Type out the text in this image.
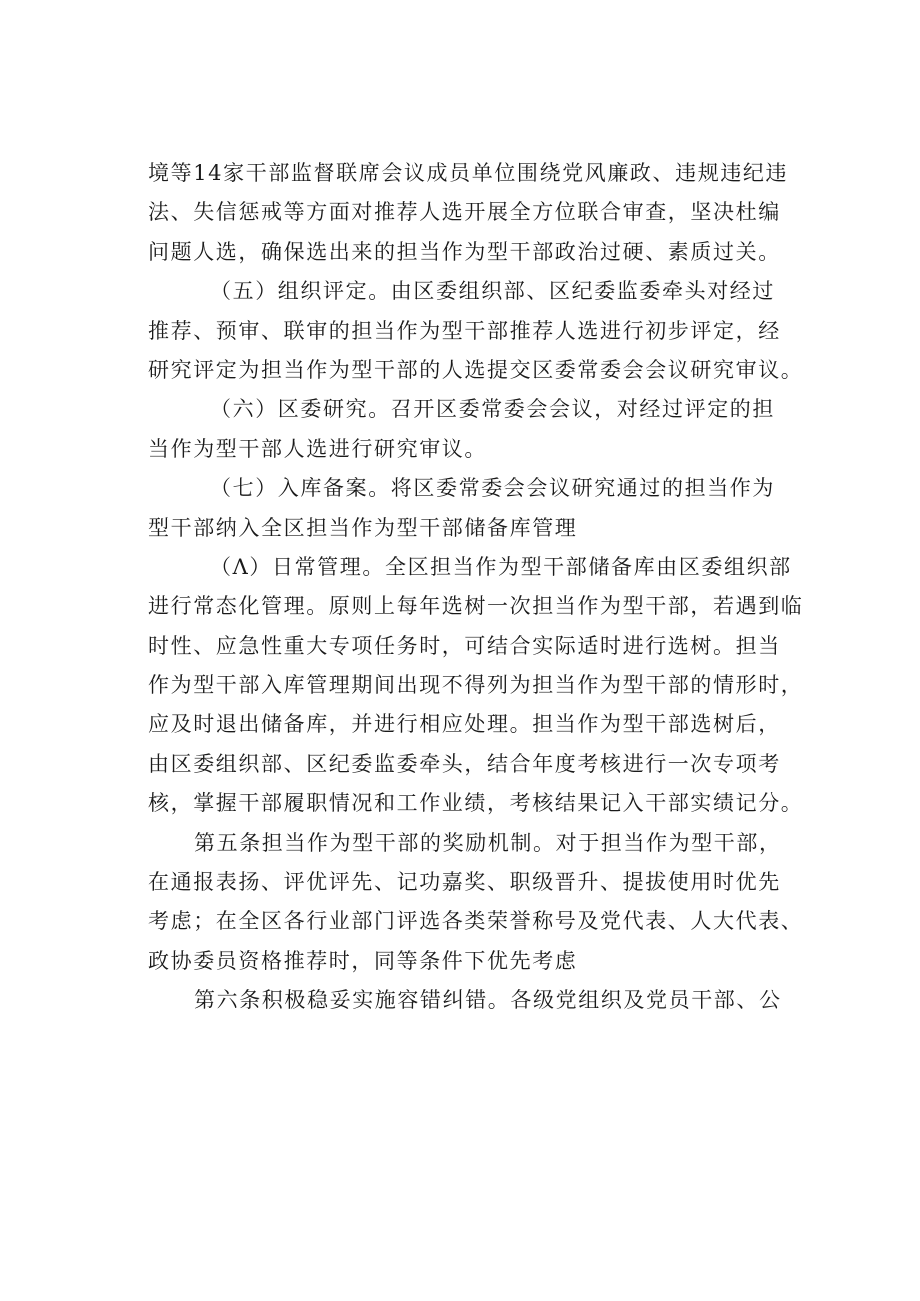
境等14家干部监督联席会议成员单位围绕党风廉政、违规违纪违
法、失信惩戒等方面对推荐人选开展全方位联合审查，坚决杜编
问题人选，确保选出来的担当作为型干部政治过硬、素质过关。
（五）组织评定。由区委组织部、区纪委监委牵头对经过
推荐、预审、联审的担当作为型干部推荐人选进行初步评定，经
研究评定为担当作为型干部的人选提交区委常委会会议研究审议。
（六）区委研究。召开区委常委会会议，对经过评定的担
当作为型干部人选进行研究审议。
（七）入库备案。将区委常委会会议研究通过的担当作为
型干部纳入全区担当作为型干部储备库管理
（Λ）日常管理。全区担当作为型干部储备库由区委组织部
进行常态化管理。原则上每年选树一次担当作为型干部，若遇到临
时性、应急性重大专项任务时，可结合实际适时进行选树。担当
作为型干部入库管理期间出现不得列为担当作为型干部的情形时，
应及时退出储备库，并进行相应处理。担当作为型干部选树后，
由区委组织部、区纪委监委牵头，结合年度考核进行一次专项考
核，掌握干部履职情况和工作业绩，考核结果记入干部实绩记分。
第五条担当作为型干部的奖励机制。对于担当作为型干部，
在通报表扬、评优评先、记功嘉奖、职级晋升、提拔使用时优先
考虑；在全区各行业部门评选各类荣誉称号及党代表、人大代表、
政协委员资格推荐时，同等条件下优先考虑
第六条积极稳妥实施容错纠错。各级党组织及党员干部、公
